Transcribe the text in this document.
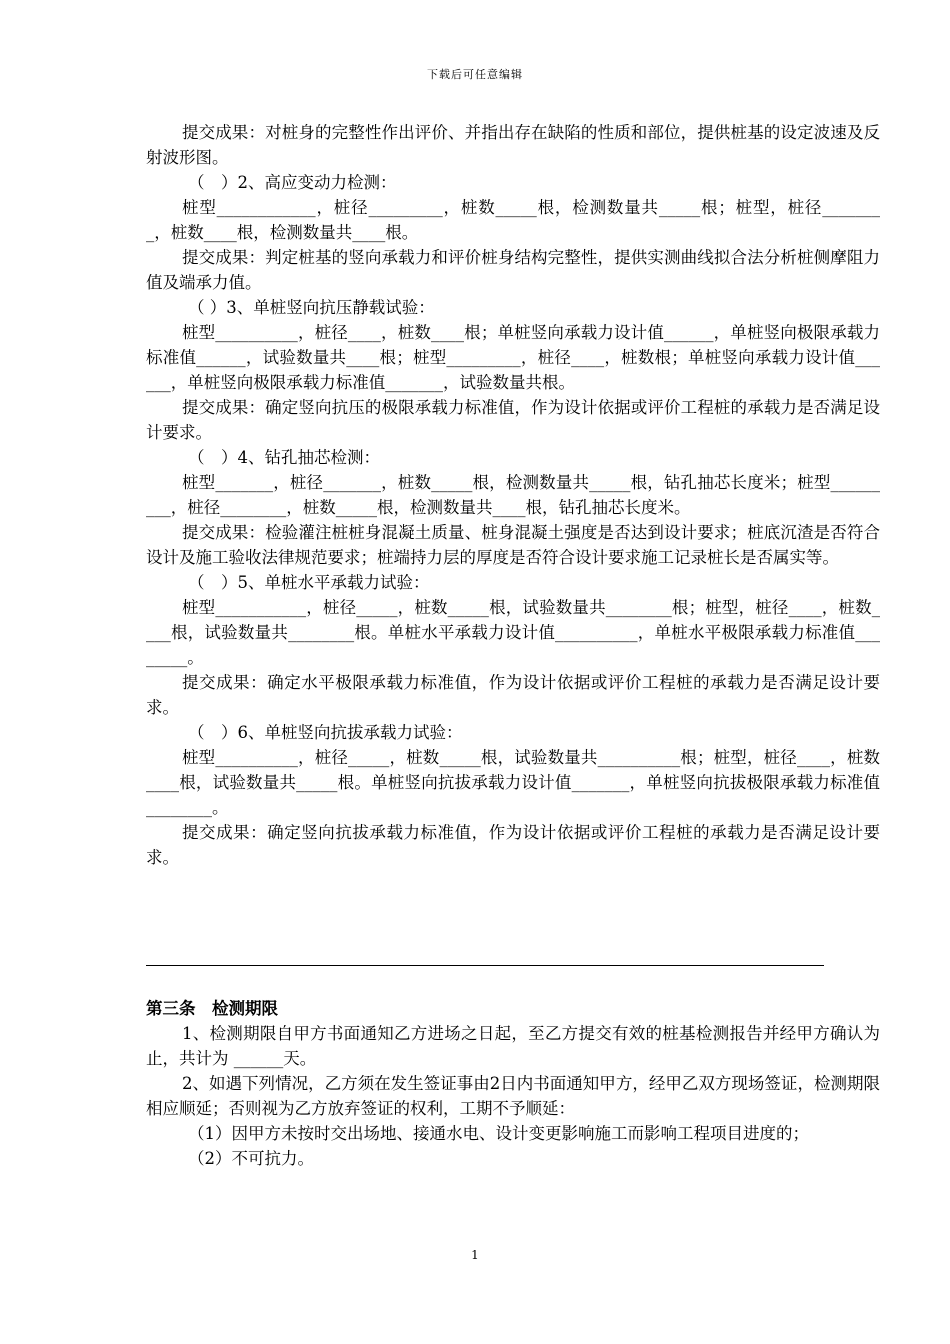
下载后可任意编辑

提交成果：对桩身的完整性作出评价、并指出存在缺陷的性质和部位，提供桩基的设定波速及反射波形图。

（　）2、高应变动力检测：

桩型____________，桩径_________，桩数_____根，检测数量共_____根；桩型，桩径________，桩数____根，检测数量共____根。

提交成果：判定桩基的竖向承载力和评价桩身结构完整性，提供实测曲线拟合法分析桩侧摩阻力值及端承力值。

（ ）3、单桩竖向抗压静载试验：

桩型__________，桩径____，桩数____根；单桩竖向承载力设计值______，单桩竖向极限承载力标准值______，试验数量共____根；桩型_________，桩径____，桩数根；单桩竖向承载力设计值______，单桩竖向极限承载力标准值_______，试验数量共根。

提交成果：确定竖向抗压的极限承载力标准值，作为设计依据或评价工程桩的承载力是否满足设计要求。

（　）4、钻孔抽芯检测：

桩型_______，桩径_______，桩数_____根，检测数量共_____根，钻孔抽芯长度米；桩型_________，桩径________，桩数_____根，检测数量共____根，钻孔抽芯长度米。

提交成果：检验灌注桩桩身混凝土质量、桩身混凝土强度是否达到设计要求；桩底沉渣是否符合设计及施工验收法律规范要求；桩端持力层的厚度是否符合设计要求施工记录桩长是否属实等。

（　）5、单桩水平承载力试验：

桩型___________，桩径_____，桩数_____根，试验数量共________根；桩型，桩径____，桩数____根，试验数量共________根。单桩水平承载力设计值__________，单桩水平极限承载力标准值________。

提交成果：确定水平极限承载力标准值，作为设计依据或评价工程桩的承载力是否满足设计要求。

（　）6、单桩竖向抗拔承载力试验：

桩型__________，桩径_____，桩数_____根，试验数量共__________根；桩型，桩径____，桩数____根，试验数量共_____根。单桩竖向抗拔承载力设计值_______，单桩竖向抗拔极限承载力标准值________。

提交成果：确定竖向抗拔承载力标准值，作为设计依据或评价工程桩的承载力是否满足设计要求。

第三条　检测期限

1、检测期限自甲方书面通知乙方进场之日起，至乙方提交有效的桩基检测报告并经甲方确认为止，共计为 ______天。

2、如遇下列情况，乙方须在发生签证事由2日内书面通知甲方，经甲乙双方现场签证，检测期限相应顺延；否则视为乙方放弃签证的权利，工期不予顺延：

（1）因甲方未按时交出场地、接通水电、设计变更影响施工而影响工程项目进度的；

（2）不可抗力。

1
